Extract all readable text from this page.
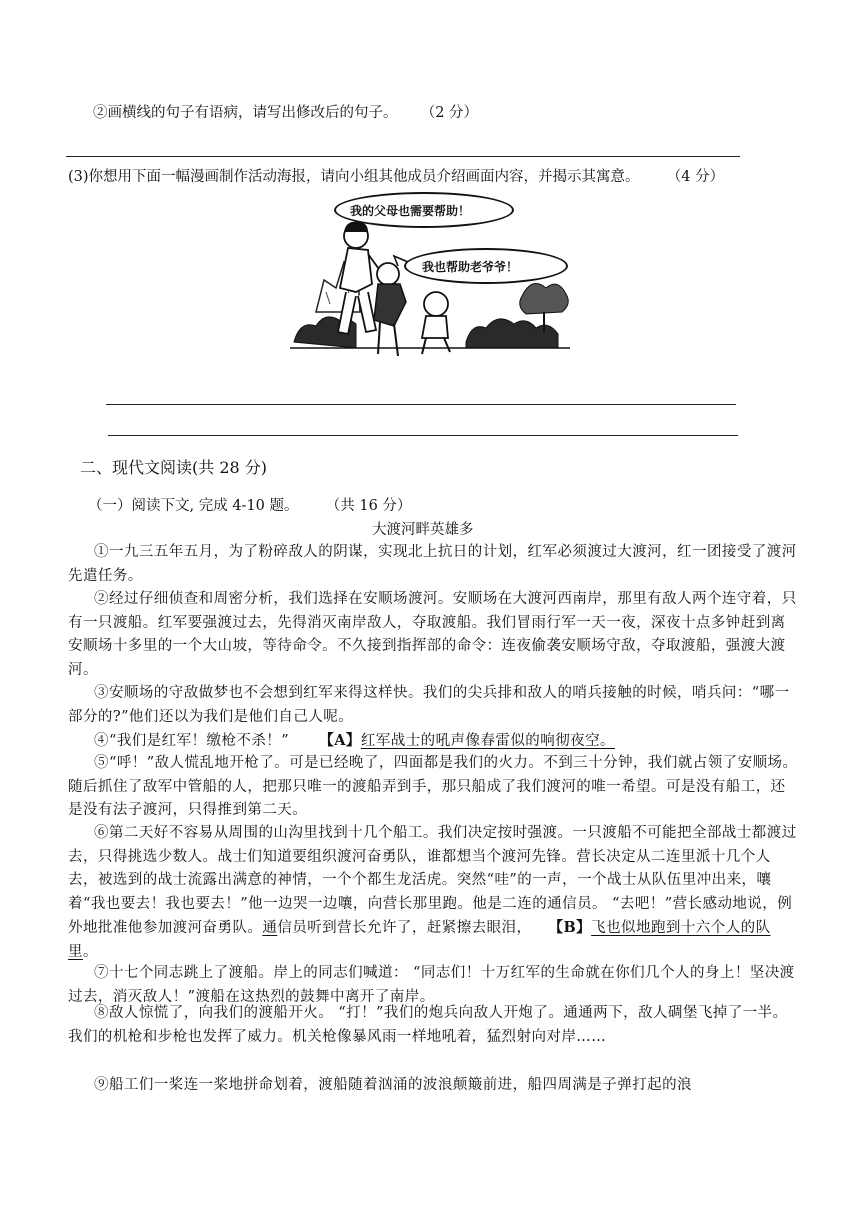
②画横线的句子有语病，请写出修改后的句子。 （2 分）
(3)你想用下面一幅漫画制作活动海报，请向小组其他成员介绍画面内容，并揭示其寓意。 （4 分）
我的父母也需要帮助！
我也帮助老爷爷！
二、现代文阅读(共 28 分)
（一）阅读下文, 完成 4-10 题。 （共 16 分）
大渡河畔英雄多
①一九三五年五月，为了粉碎敌人的阴谋，实现北上抗日的计划，红军必须渡过大渡河，红一团接受了渡河先遣任务。
②经过仔细侦查和周密分析，我们选择在安顺场渡河。安顺场在大渡河西南岸，那里有敌人两个连守着，只有一只渡船。红军要强渡过去，先得消灭南岸敌人，夺取渡船。我们冒雨行军一天一夜，深夜十点多钟赶到离安顺场十多里的一个大山坡，等待命令。不久接到指挥部的命令：连夜偷袭安顺场守敌，夺取渡船，强渡大渡河。
③安顺场的守敌做梦也不会想到红军来得这样快。我们的尖兵排和敌人的哨兵接触的时候，哨兵问：“哪一部分的?”他们还以为我们是他们自己人呢。
④“我们是红军！缴枪不杀！” 【A】红军战士的吼声像春雷似的响彻夜空。
⑤“呼！”敌人慌乱地开枪了。可是已经晚了，四面都是我们的火力。不到三十分钟，我们就占领了安顺场。随后抓住了敌军中管船的人，把那只唯一的渡船弄到手，那只船成了我们渡河的唯一希望。可是没有船工，还是没有法子渡河，只得推到第二天。
⑥第二天好不容易从周围的山沟里找到十几个船工。我们决定按时强渡。一只渡船不可能把全部战士都渡过去，只得挑选少数人。战士们知道要组织渡河奋勇队，谁都想当个渡河先锋。营长决定从二连里派十几个人去，被选到的战士流露出满意的神情，一个个都生龙活虎。突然“哇”的一声，一个战士从队伍里冲出来，嚷着“我也要去！我也要去！”他一边哭一边嚷，向营长那里跑。他是二连的通信员。 “去吧！”营长感动地说，例外地批准他参加渡河奋勇队。通信员听到营长允许了，赶紧擦去眼泪， 【B】飞也似地跑到十六个人的队里。
⑦十七个同志跳上了渡船。岸上的同志们喊道： “同志们！十万红军的生命就在你们几个人的身上！坚决渡过去，消灭敌人！”渡船在这热烈的鼓舞中离开了南岸。
⑧敌人惊慌了，向我们的渡船开火。 “打！”我们的炮兵向敌人开炮了。通通两下，敌人碉堡飞掉了一半。我们的机枪和步枪也发挥了威力。机关枪像暴风雨一样地吼着，猛烈射向对岸……
⑨船工们一桨连一桨地拼命划着，渡船随着汹涌的波浪颠簸前进，船四周满是子弹打起的浪
